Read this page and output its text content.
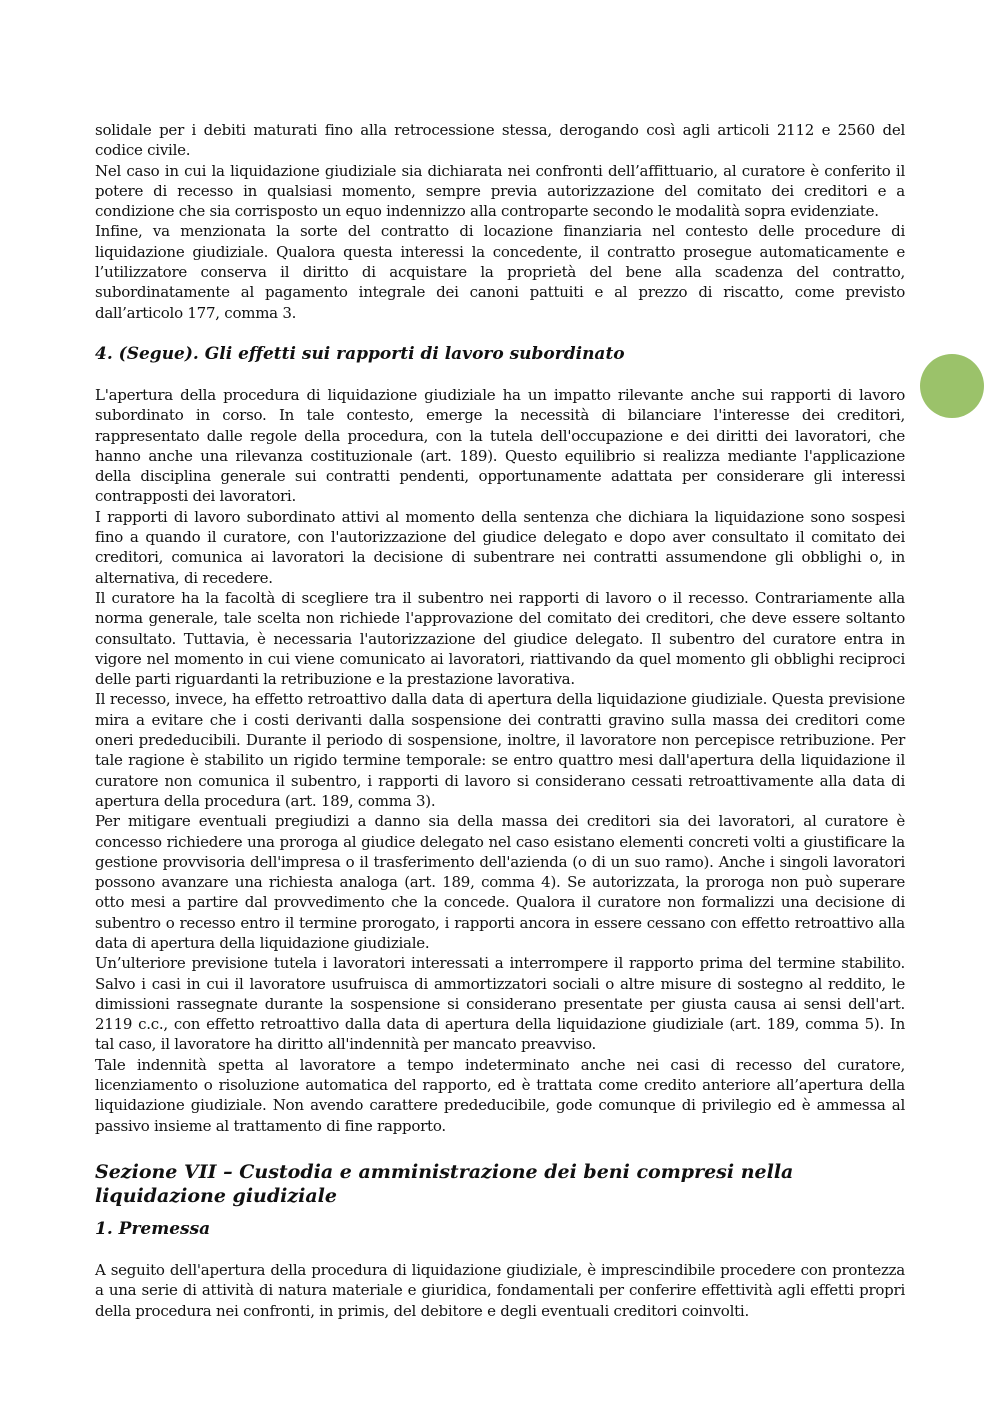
solidale per i debiti maturati fino alla retrocessione stessa, derogando così agli articoli 2112 e 2560 del codice civile.

Nel caso in cui la liquidazione giudiziale sia dichiarata nei confronti dell’affittuario, al curatore è conferito il potere di recesso in qualsiasi momento, sempre previa autorizzazione del comitato dei creditori e a condizione che sia corrisposto un equo indennizzo alla controparte secondo le modalità sopra evidenziate.

Infine, va menzionata la sorte del contratto di locazione finanziaria nel contesto delle procedure di liquidazione giudiziale. Qualora questa interessi la concedente, il contratto prosegue automaticamente e l’utilizzatore conserva il diritto di acquistare la proprietà del bene alla scadenza del contratto, subordinatamente al pagamento integrale dei canoni pattuiti e al prezzo di riscatto, come previsto dall’articolo 177, comma 3.

4. (Segue). Gli effetti sui rapporti di lavoro subordinato

L'apertura della procedura di liquidazione giudiziale ha un impatto rilevante anche sui rapporti di lavoro subordinato in corso. In tale contesto, emerge la necessità di bilanciare l'interesse dei creditori, rappresentato dalle regole della procedura, con la tutela dell'occupazione e dei diritti dei lavoratori, che hanno anche una rilevanza costituzionale (art. 189). Questo equilibrio si realizza mediante l'applicazione della disciplina generale sui contratti pendenti, opportunamente adattata per considerare gli interessi contrapposti dei lavoratori.

I rapporti di lavoro subordinato attivi al momento della sentenza che dichiara la liquidazione sono sospesi fino a quando il curatore, con l'autorizzazione del giudice delegato e dopo aver consultato il comitato dei creditori, comunica ai lavoratori la decisione di subentrare nei contratti assumendone gli obblighi o, in alternativa, di recedere.

Il curatore ha la facoltà di scegliere tra il subentro nei rapporti di lavoro o il recesso. Contrariamente alla norma generale, tale scelta non richiede l'approvazione del comitato dei creditori, che deve essere soltanto consultato. Tuttavia, è necessaria l'autorizzazione del giudice delegato. Il subentro del curatore entra in vigore nel momento in cui viene comunicato ai lavoratori, riattivando da quel momento gli obblighi reciproci delle parti riguardanti la retribuzione e la prestazione lavorativa.

Il recesso, invece, ha effetto retroattivo dalla data di apertura della liquidazione giudiziale. Questa previsione mira a evitare che i costi derivanti dalla sospensione dei contratti gravino sulla massa dei creditori come oneri prededucibili. Durante il periodo di sospensione, inoltre, il lavoratore non percepisce retribuzione. Per tale ragione è stabilito un rigido termine temporale: se entro quattro mesi dall'apertura della liquidazione il curatore non comunica il subentro, i rapporti di lavoro si considerano cessati retroattivamente alla data di apertura della procedura (art. 189, comma 3).

Per mitigare eventuali pregiudizi a danno sia della massa dei creditori sia dei lavoratori, al curatore è concesso richiedere una proroga al giudice delegato nel caso esistano elementi concreti volti a giustificare la gestione provvisoria dell'impresa o il trasferimento dell'azienda (o di un suo ramo). Anche i singoli lavoratori possono avanzare una richiesta analoga (art. 189, comma 4). Se autorizzata, la proroga non può superare otto mesi a partire dal provvedimento che la concede. Qualora il curatore non formalizzi una decisione di subentro o recesso entro il termine prorogato, i rapporti ancora in essere cessano con effetto retroattivo alla data di apertura della liquidazione giudiziale.

Un’ulteriore previsione tutela i lavoratori interessati a interrompere il rapporto prima del termine stabilito. Salvo i casi in cui il lavoratore usufruisca di ammortizzatori sociali o altre misure di sostegno al reddito, le dimissioni rassegnate durante la sospensione si considerano presentate per giusta causa ai sensi dell'art. 2119 c.c., con effetto retroattivo dalla data di apertura della liquidazione giudiziale (art. 189, comma 5). In tal caso, il lavoratore ha diritto all'indennità per mancato preavviso.

Tale indennità spetta al lavoratore a tempo indeterminato anche nei casi di recesso del curatore, licenziamento o risoluzione automatica del rapporto, ed è trattata come credito anteriore all’apertura della liquidazione giudiziale. Non avendo carattere prededucibile, gode comunque di privilegio ed è ammessa al passivo insieme al trattamento di fine rapporto.

Sezione VII – Custodia e amministrazione dei beni compresi nella liquidazione giudiziale
1. Premessa

A seguito dell'apertura della procedura di liquidazione giudiziale, è imprescindibile procedere con prontezza a una serie di attività di natura materiale e giuridica, fondamentali per conferire effettività agli effetti propri della procedura nei confronti, in primis, del debitore e degli eventuali creditori coinvolti.
